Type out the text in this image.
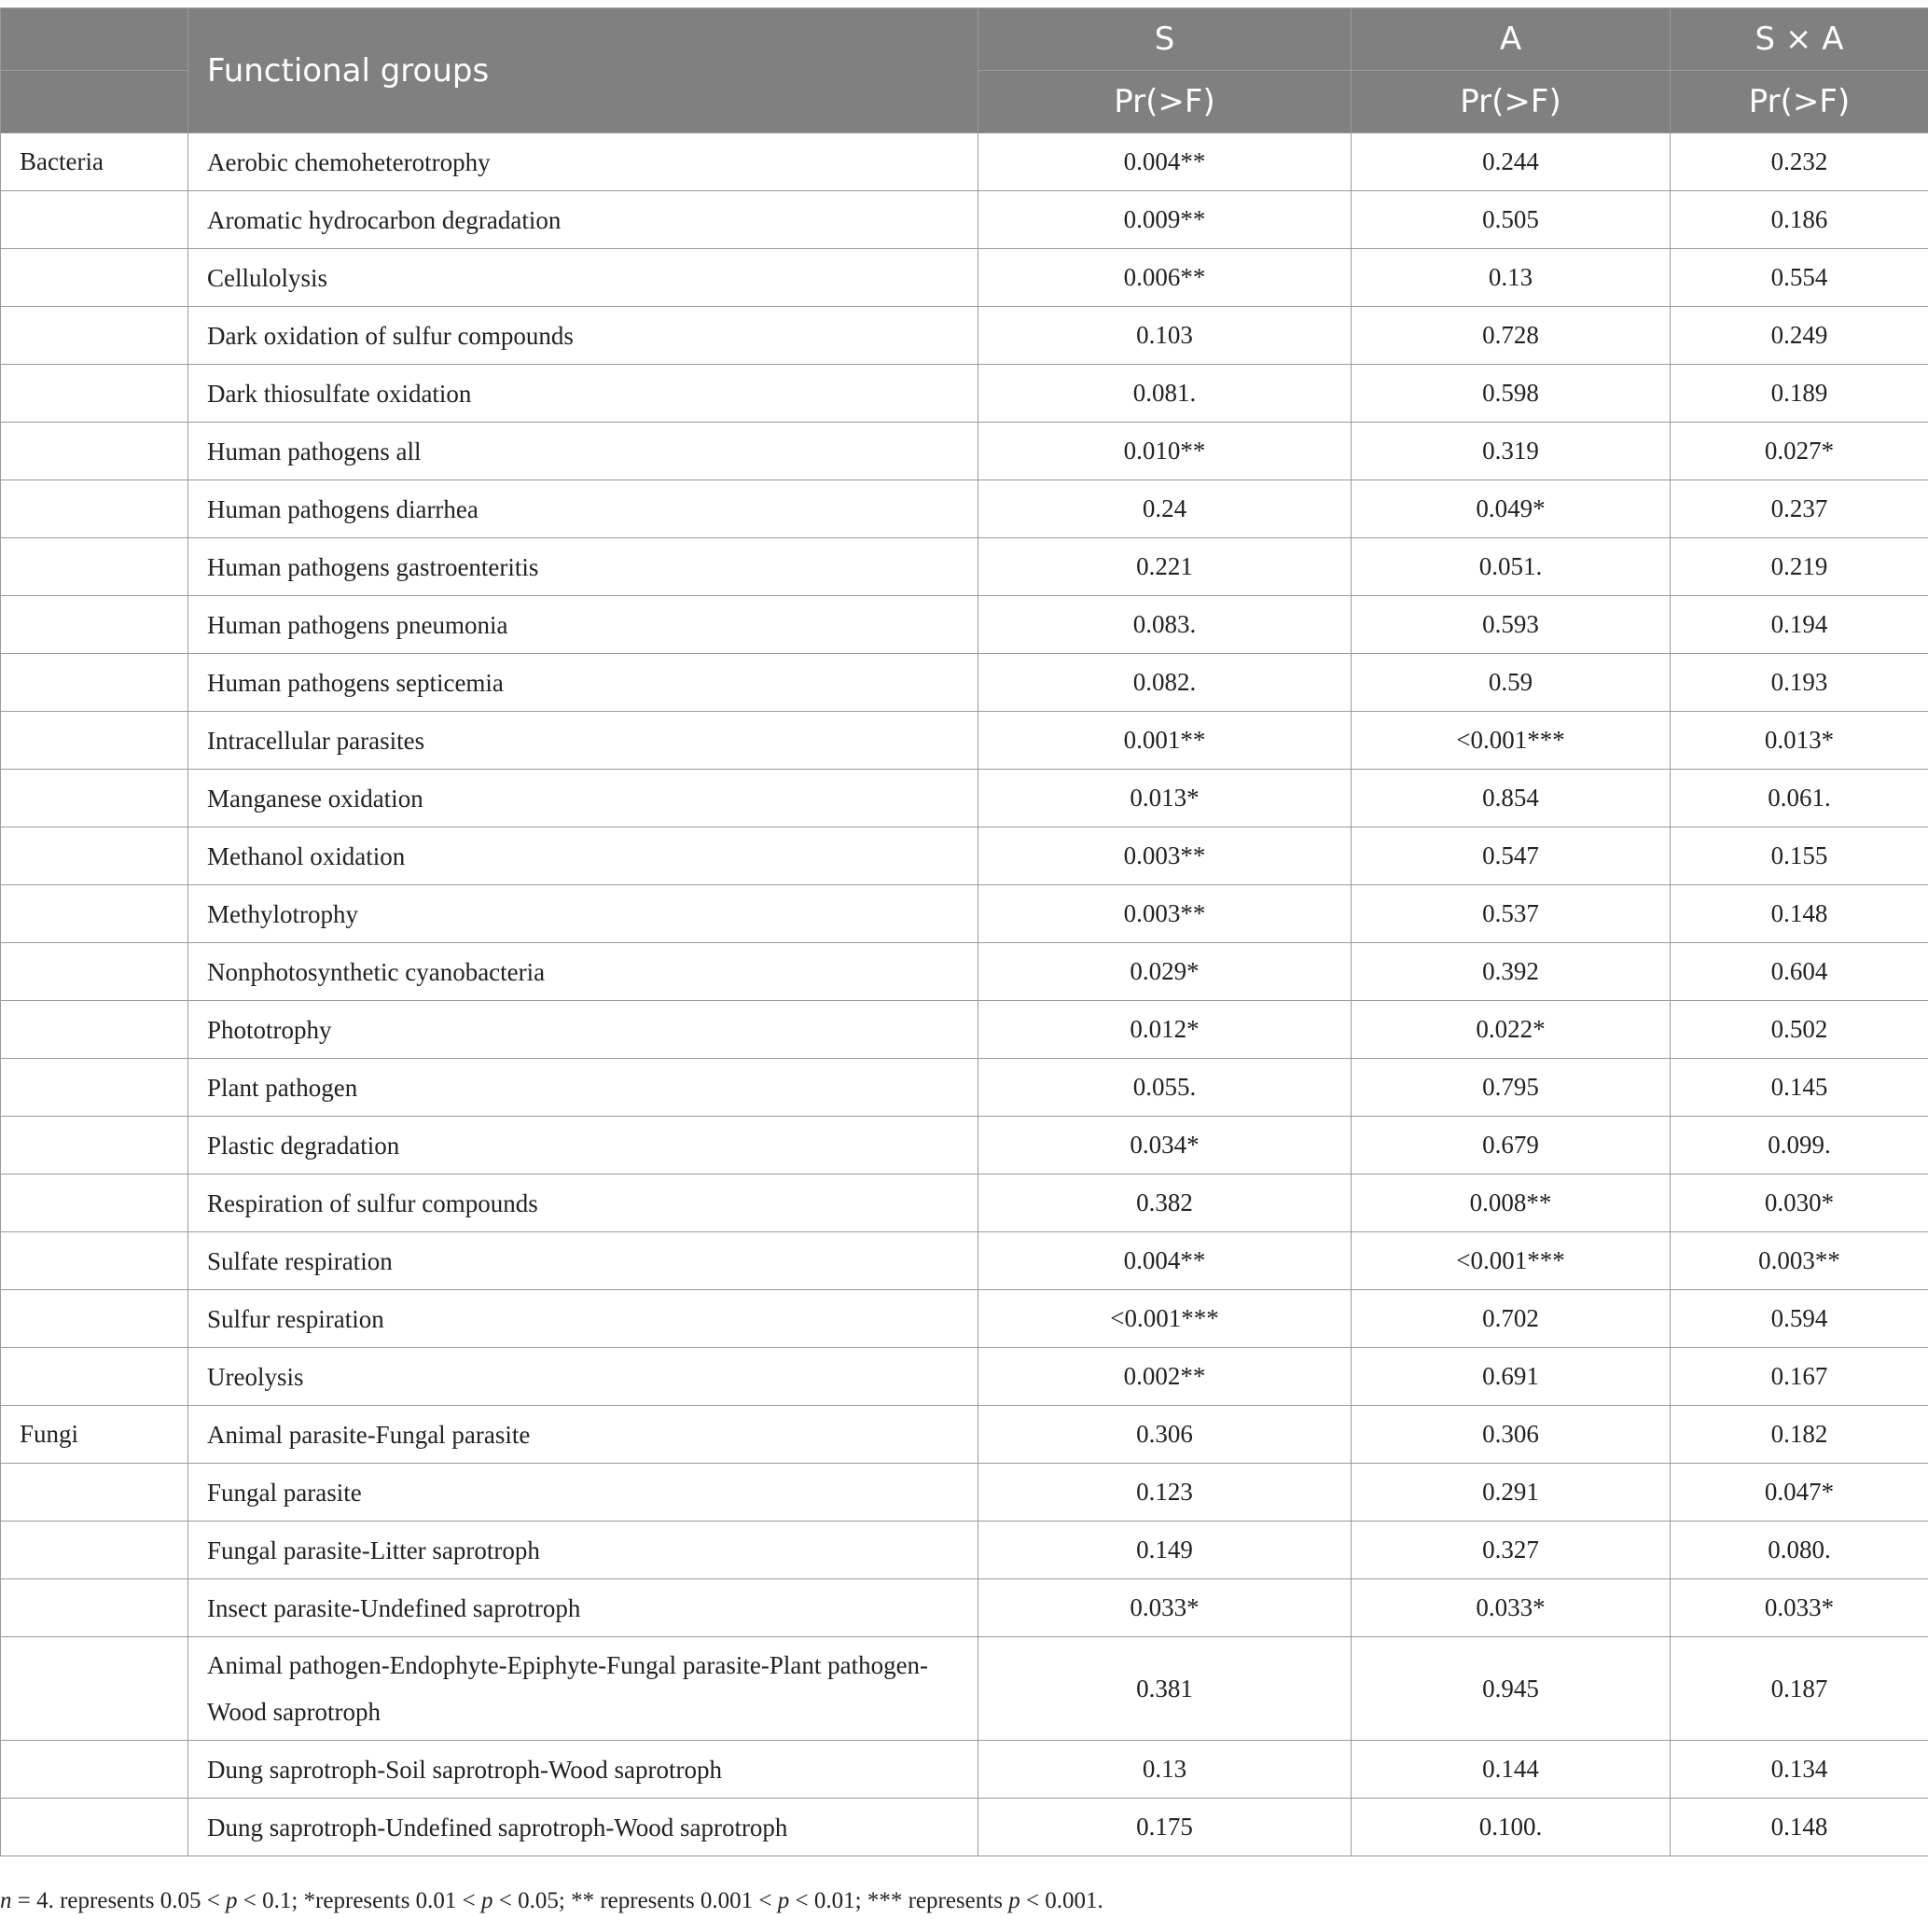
	Functional groups	S	A	S × A
		Pr(>F)	Pr(>F)	Pr(>F)
Bacteria	Aerobic chemoheterotrophy	0.004**	0.244	0.232
	Aromatic hydrocarbon degradation	0.009**	0.505	0.186
	Cellulolysis	0.006**	0.13	0.554
	Dark oxidation of sulfur compounds	0.103	0.728	0.249
	Dark thiosulfate oxidation	0.081.	0.598	0.189
	Human pathogens all	0.010**	0.319	0.027*
	Human pathogens diarrhea	0.24	0.049*	0.237
	Human pathogens gastroenteritis	0.221	0.051.	0.219
	Human pathogens pneumonia	0.083.	0.593	0.194
	Human pathogens septicemia	0.082.	0.59	0.193
	Intracellular parasites	0.001**	<0.001***	0.013*
	Manganese oxidation	0.013*	0.854	0.061.
	Methanol oxidation	0.003**	0.547	0.155
	Methylotrophy	0.003**	0.537	0.148
	Nonphotosynthetic cyanobacteria	0.029*	0.392	0.604
	Phototrophy	0.012*	0.022*	0.502
	Plant pathogen	0.055.	0.795	0.145
	Plastic degradation	0.034*	0.679	0.099.
	Respiration of sulfur compounds	0.382	0.008**	0.030*
	Sulfate respiration	0.004**	<0.001***	0.003**
	Sulfur respiration	<0.001***	0.702	0.594
	Ureolysis	0.002**	0.691	0.167
Fungi	Animal parasite-Fungal parasite	0.306	0.306	0.182
	Fungal parasite	0.123	0.291	0.047*
	Fungal parasite-Litter saprotroph	0.149	0.327	0.080.
	Insect parasite-Undefined saprotroph	0.033*	0.033*	0.033*
	Animal pathogen-Endophyte-Epiphyte-Fungal parasite-Plant pathogen-Wood saprotroph	0.381	0.945	0.187
	Dung saprotroph-Soil saprotroph-Wood saprotroph	0.13	0.144	0.134
	Dung saprotroph-Undefined saprotroph-Wood saprotroph	0.175	0.100.	0.148
n = 4. represents 0.05 < p < 0.1; *represents 0.01 < p < 0.05; ** represents 0.001 < p < 0.01; *** represents p < 0.001.
